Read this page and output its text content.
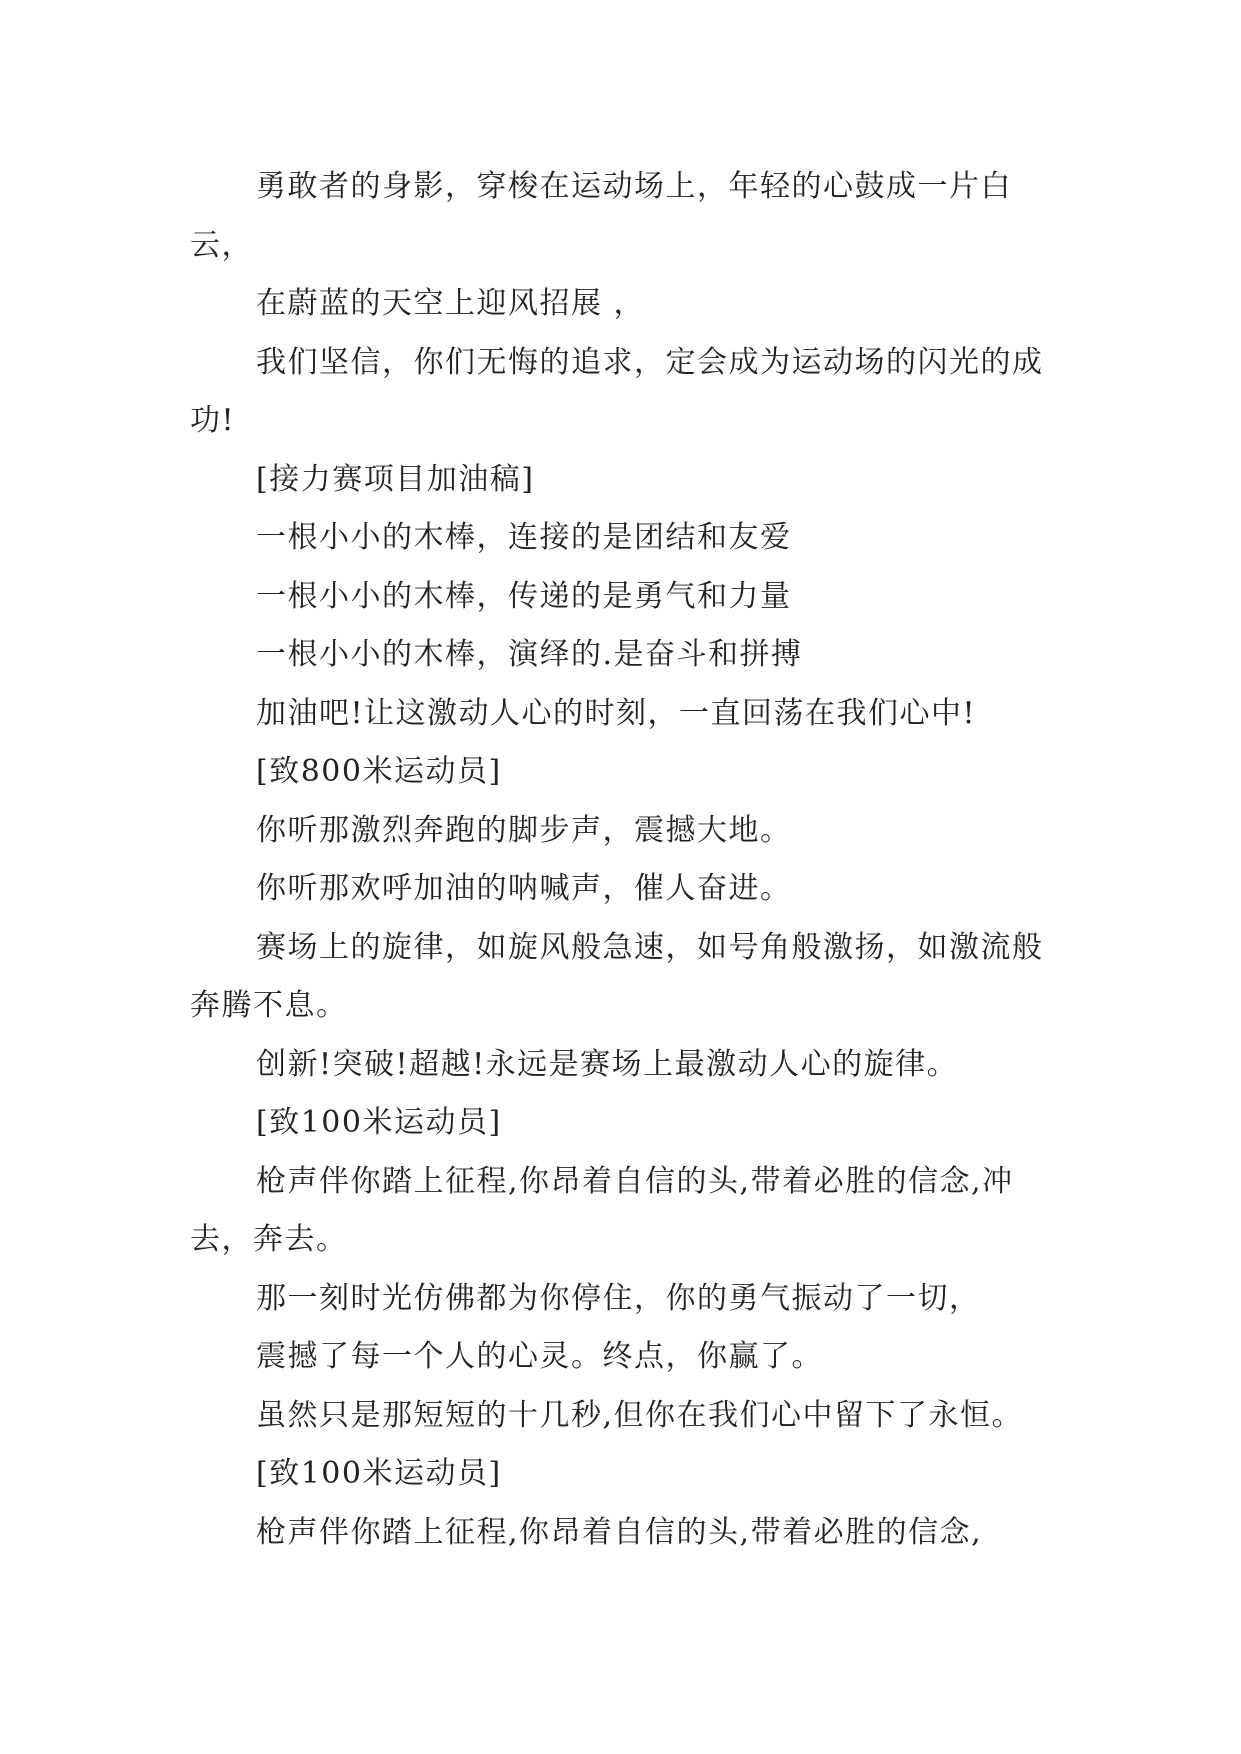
勇敢者的身影，穿梭在运动场上，年轻的心鼓成一片白云，

在蔚蓝的天空上迎风招展 ，

我们坚信，你们无悔的追求，定会成为运动场的闪光的成功!

[接力赛项目加油稿]

一根小小的木棒，连接的是团结和友爱

一根小小的木棒，传递的是勇气和力量

一根小小的木棒，演绎的.是奋斗和拼搏

加油吧!让这激动人心的时刻，一直回荡在我们心中!

[致800米运动员]

你听那激烈奔跑的脚步声，震撼大地。

你听那欢呼加油的呐喊声，催人奋进。

赛场上的旋律，如旋风般急速，如号角般激扬，如激流般奔腾不息。

创新!突破!超越!永远是赛场上最激动人心的旋律。

[致100米运动员]

枪声伴你踏上征程,你昂着自信的头,带着必胜的信念,冲去，奔去。

那一刻时光仿佛都为你停住，你的勇气振动了一切，

震撼了每一个人的心灵。终点，你赢了。

虽然只是那短短的十几秒,但你在我们心中留下了永恒。

[致100米运动员]

枪声伴你踏上征程,你昂着自信的头,带着必胜的信念,
